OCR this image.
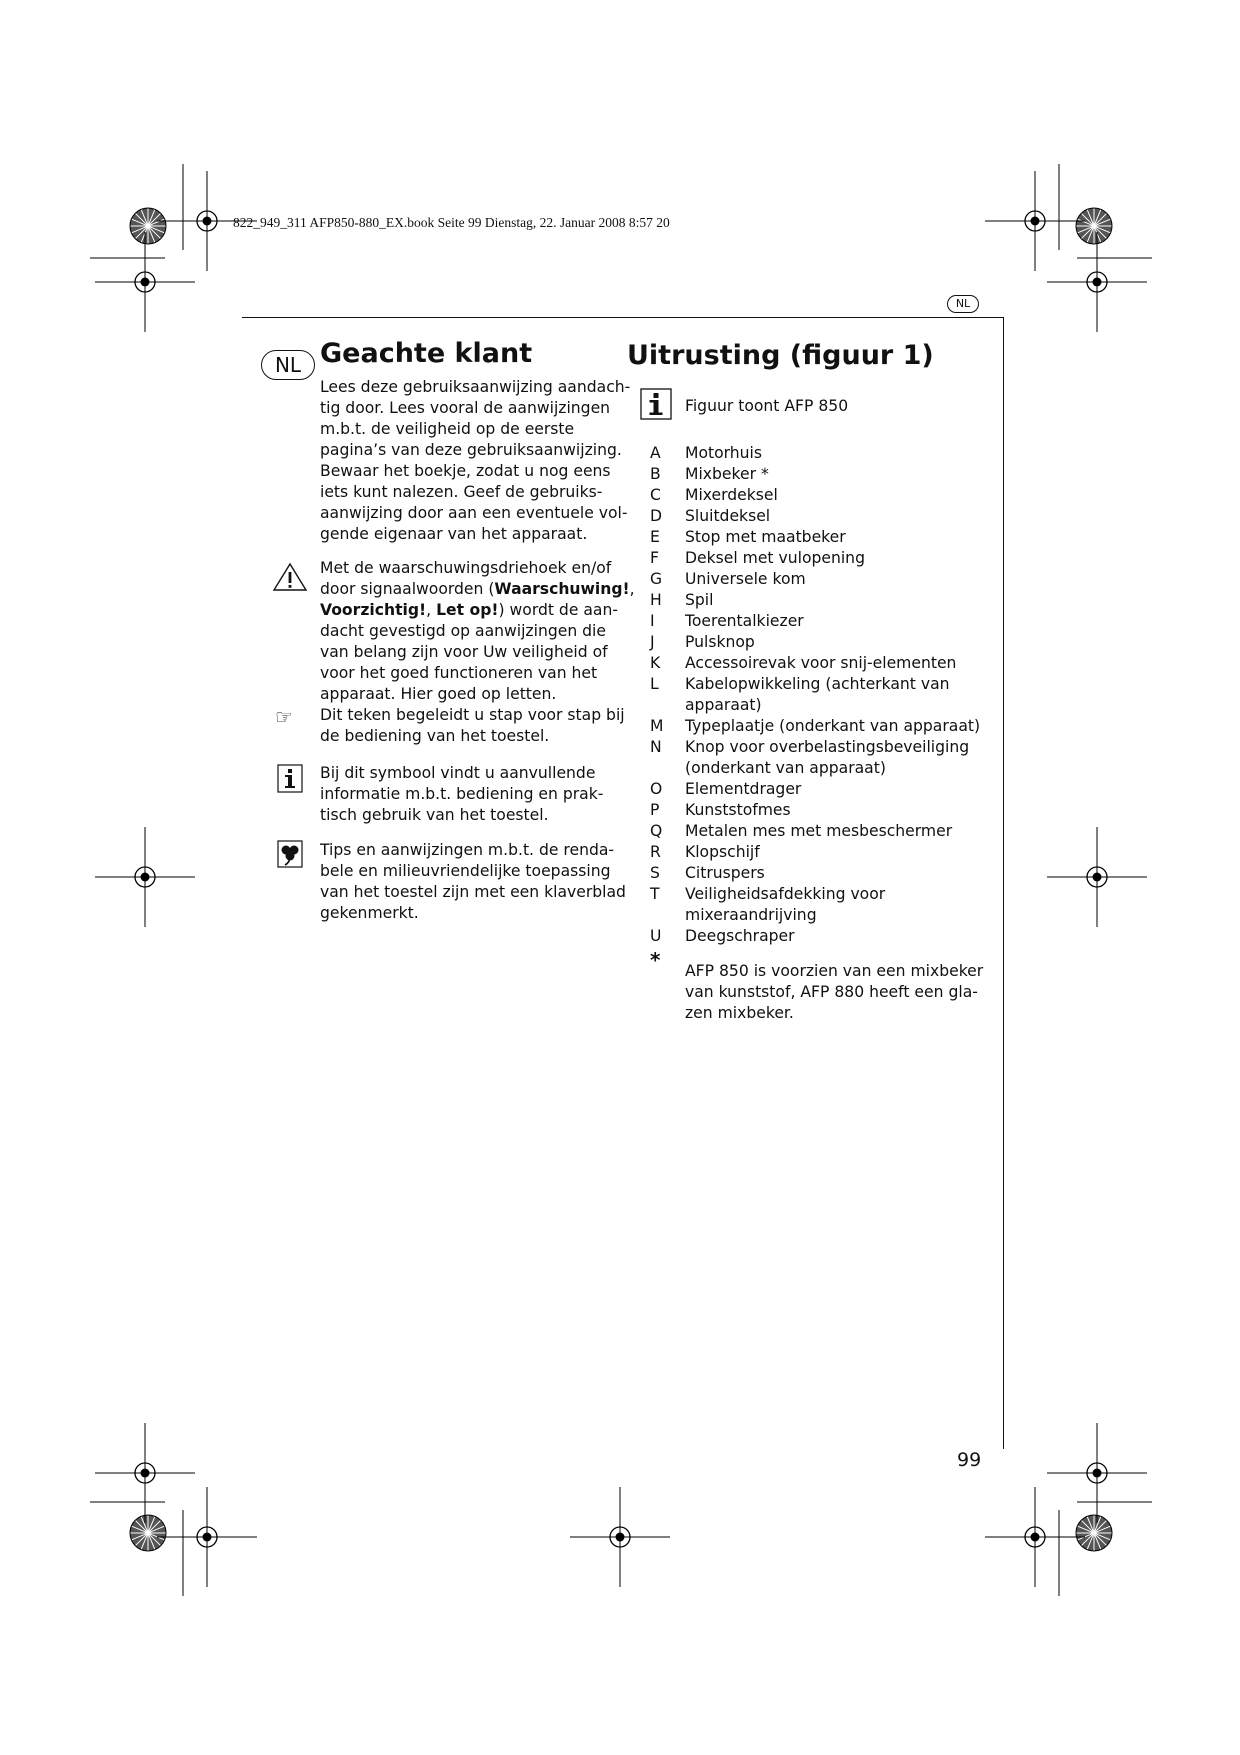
822_949_311 AFP850-880_EX.book Seite 99 Dienstag, 22. Januar 2008 8:57 20
NL
NL Geachte klant

Lees deze gebruiksaanwijzing aandach-

tig door. Lees vooral de aanwijzingen

m.b.t. de veiligheid op de eerste

pagina’s van deze gebruiksaanwijzing.

Bewaar het boekje, zodat u nog eens

iets kunt nalezen. Geef de gebruiks-

aanwijzing door aan een eventuele vol-

gende eigenaar van het apparaat.

Met de waarschuwingsdriehoek en/of

door signaalwoorden (Waarschuwing!,

Voorzichtig!, Let op!) wordt de aan-

dacht gevestigd op aanwijzingen die

van belang zijn voor Uw veiligheid of

voor het goed functioneren van het

apparaat. Hier goed op letten.

☞ Dit teken begeleidt u stap voor stap bij

de bediening van het toestel.

Bij dit symbool vindt u aanvullende

informatie m.b.t. bediening en prak-

tisch gebruik van het toestel.

Tips en aanwijzingen m.b.t. de renda-

bele en milieuvriendelijke toepassing

van het toestel zijn met een klaverblad

gekenmerkt.

Uitrusting (figuur 1)
Figuur toont AFP 850
A	Motorhuis
B	Mixbeker *
C	Mixerdeksel
D	Sluitdeksel
E	Stop met maatbeker
F	Deksel met vulopening
G	Universele kom
H	Spil
I	Toerentalkiezer
J	Pulsknop
K	Accessoirevak voor snij-elementen
L	Kabelopwikkeling (achterkant van
apparaat)
M	Typeplaatje (onderkant van apparaat)
N	Knop voor overbelastingsbeveiliging
(onderkant van apparaat)
O	Elementdrager
P	Kunststofmes
Q	Metalen mes met mesbeschermer
R	Klopschijf
S	Citruspers
T	Veiligheidsafdekking voor
mixeraandrijving
U	Deegschraper
* AFP 850 is voorzien van een mixbeker

van kunststof, AFP 880 heeft een gla-

zen mixbeker.

99
